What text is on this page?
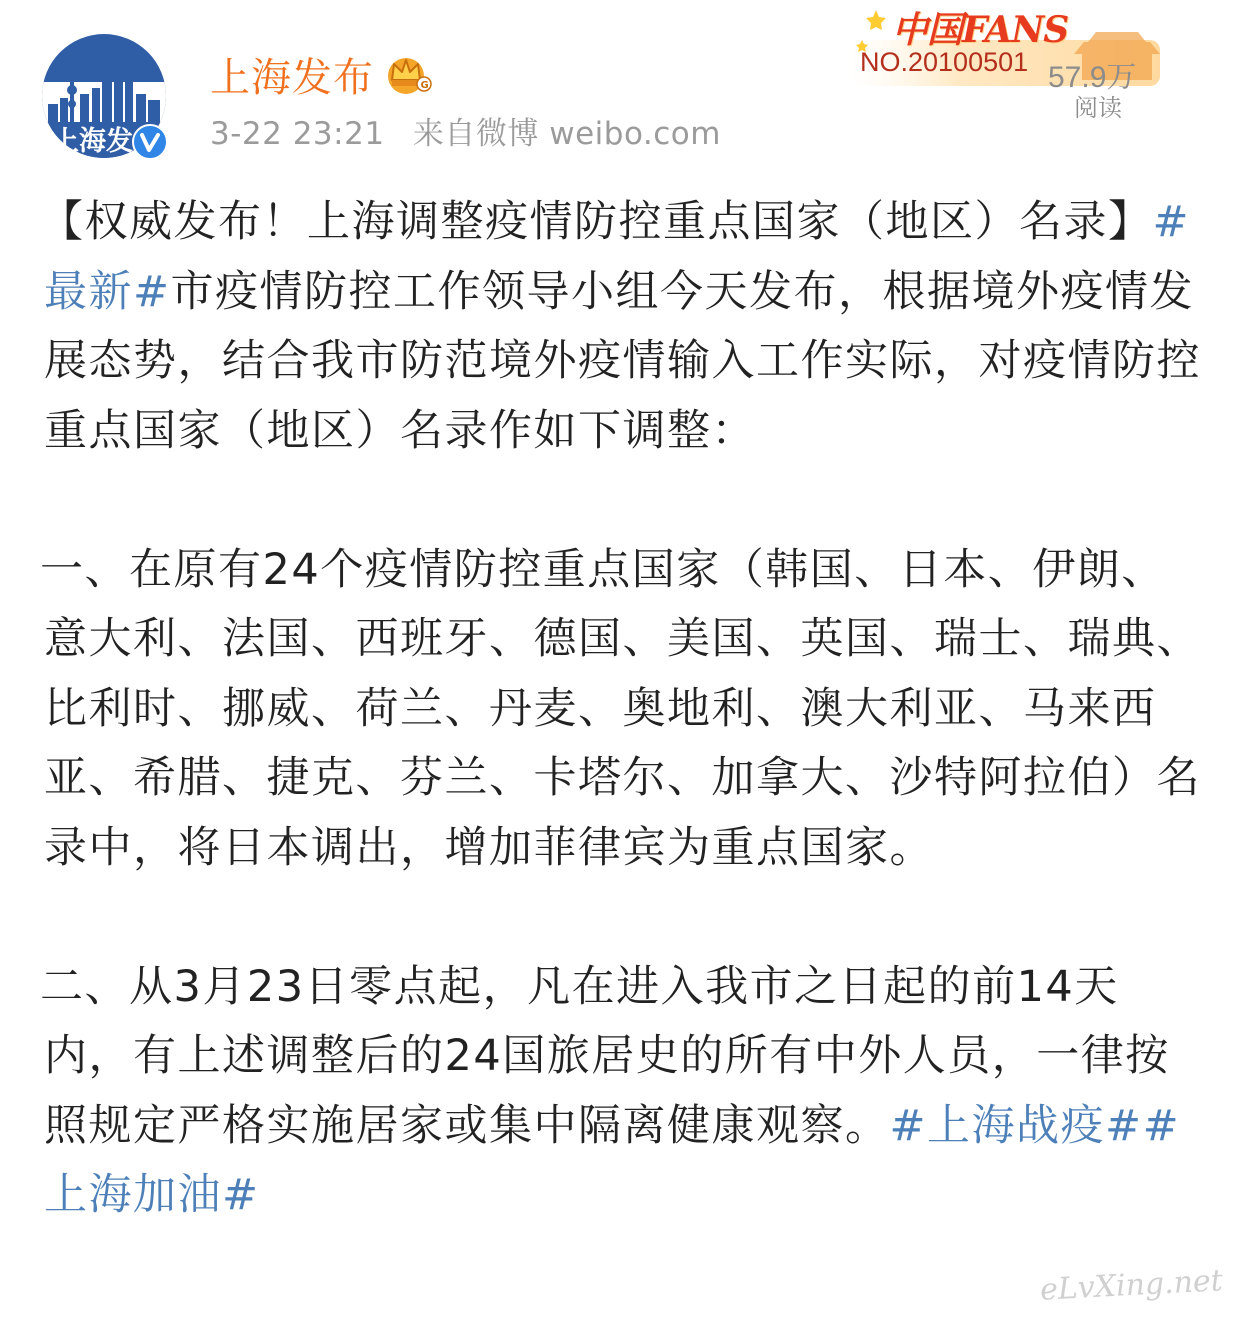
上海发
上海发布	G
3-22 23:21 来自微博 weibo.com
中国FANS
NO.20100501 57.9万
阅读

【权威发布！上海调整疫情防控重点国家（地区）名录】#最新#市疫情防控工作领导小组今天发布，根据境外疫情发展态势，结合我市防范境外疫情输入工作实际，对疫情防控重点国家（地区）名录作如下调整：

一、在原有24个疫情防控重点国家（韩国、日本、伊朗、意大利、法国、西班牙、德国、美国、英国、瑞士、瑞典、比利时、挪威、荷兰、丹麦、奥地利、澳大利亚、马来西亚、希腊、捷克、芬兰、卡塔尔、加拿大、沙特阿拉伯）名录中，将日本调出，增加菲律宾为重点国家。

二、从3月23日零点起，凡在进入我市之日起的前14天内，有上述调整后的24国旅居史的所有中外人员，一律按照规定严格实施居家或集中隔离健康观察。#上海战疫##上海加油#

eLvXing.net
